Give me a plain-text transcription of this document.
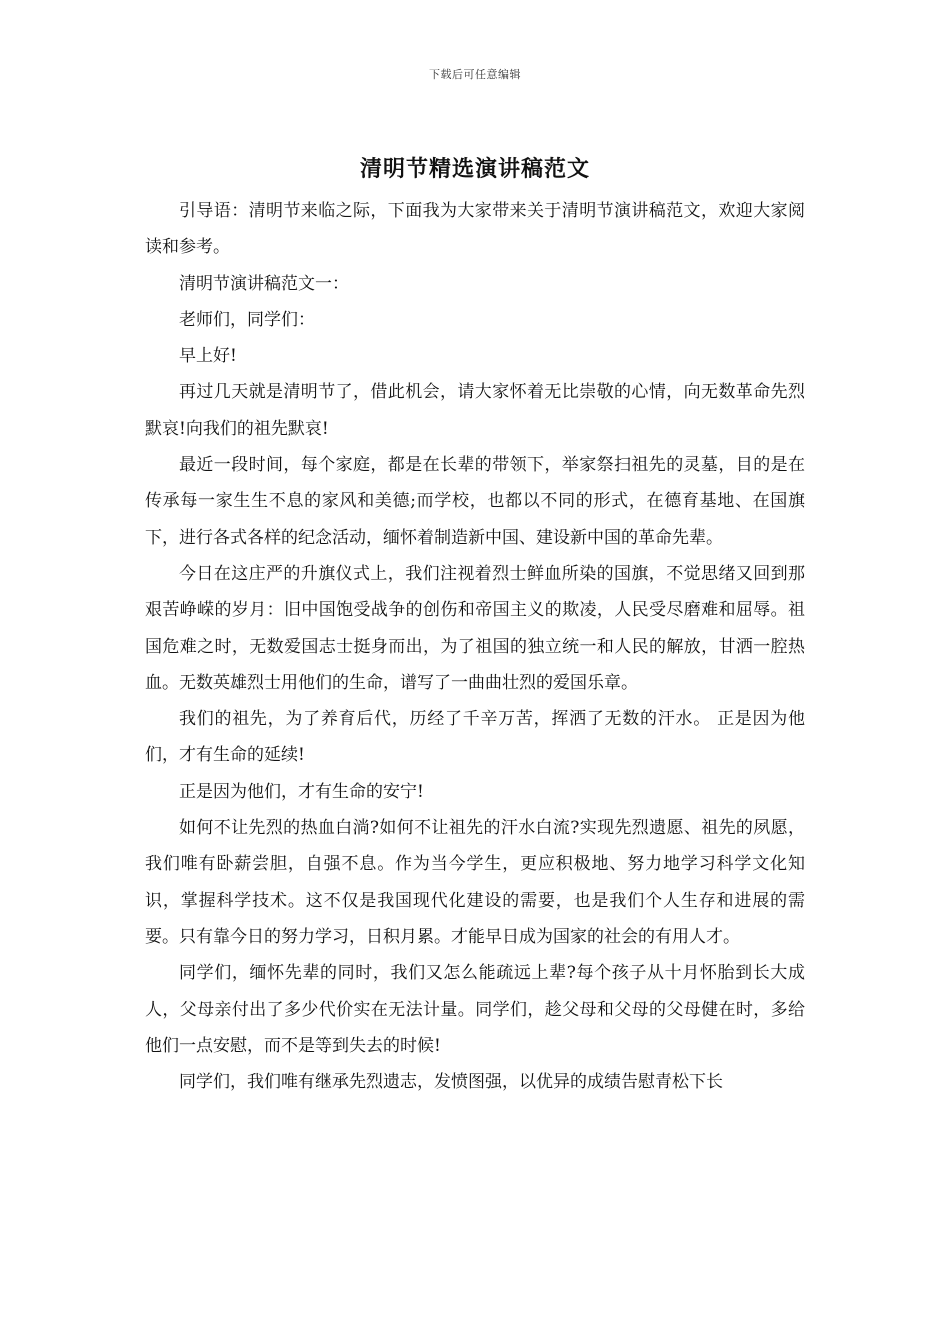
下载后可任意编辑
清明节精选演讲稿范文

引导语：清明节来临之际，下面我为大家带来关于清明节演讲稿范文，欢迎大家阅读和参考。

清明节演讲稿范文一：

老师们，同学们：

早上好!

再过几天就是清明节了，借此机会，请大家怀着无比崇敬的心情，向无数革命先烈默哀!向我们的祖先默哀!

最近一段时间，每个家庭，都是在长辈的带领下，举家祭扫祖先的灵墓，目的是在传承每一家生生不息的家风和美德;而学校，也都以不同的形式，在德育基地、在国旗下，进行各式各样的纪念活动，缅怀着制造新中国、建设新中国的革命先辈。

今日在这庄严的升旗仪式上，我们注视着烈士鲜血所染的国旗，不觉思绪又回到那艰苦峥嵘的岁月：旧中国饱受战争的创伤和帝国主义的欺凌，人民受尽磨难和屈辱。祖国危难之时，无数爱国志士挺身而出，为了祖国的独立统一和人民的解放，甘洒一腔热血。无数英雄烈士用他们的生命，谱写了一曲曲壮烈的爱国乐章。

我们的祖先，为了养育后代，历经了千辛万苦，挥洒了无数的汗水。 正是因为他们，才有生命的延续!

正是因为他们，才有生命的安宁!

如何不让先烈的热血白淌?如何不让祖先的汗水白流?实现先烈遗愿、祖先的夙愿，我们唯有卧薪尝胆，自强不息。作为当今学生，更应积极地、努力地学习科学文化知识，掌握科学技术。这不仅是我国现代化建设的需要，也是我们个人生存和进展的需要。只有靠今日的努力学习，日积月累。才能早日成为国家的社会的有用人才。

同学们，缅怀先辈的同时，我们又怎么能疏远上辈?每个孩子从十月怀胎到长大成人，父母亲付出了多少代价实在无法计量。同学们，趁父母和父母的父母健在时，多给他们一点安慰，而不是等到失去的时候!

同学们，我们唯有继承先烈遗志，发愤图强，以优异的成绩告慰青松下长
